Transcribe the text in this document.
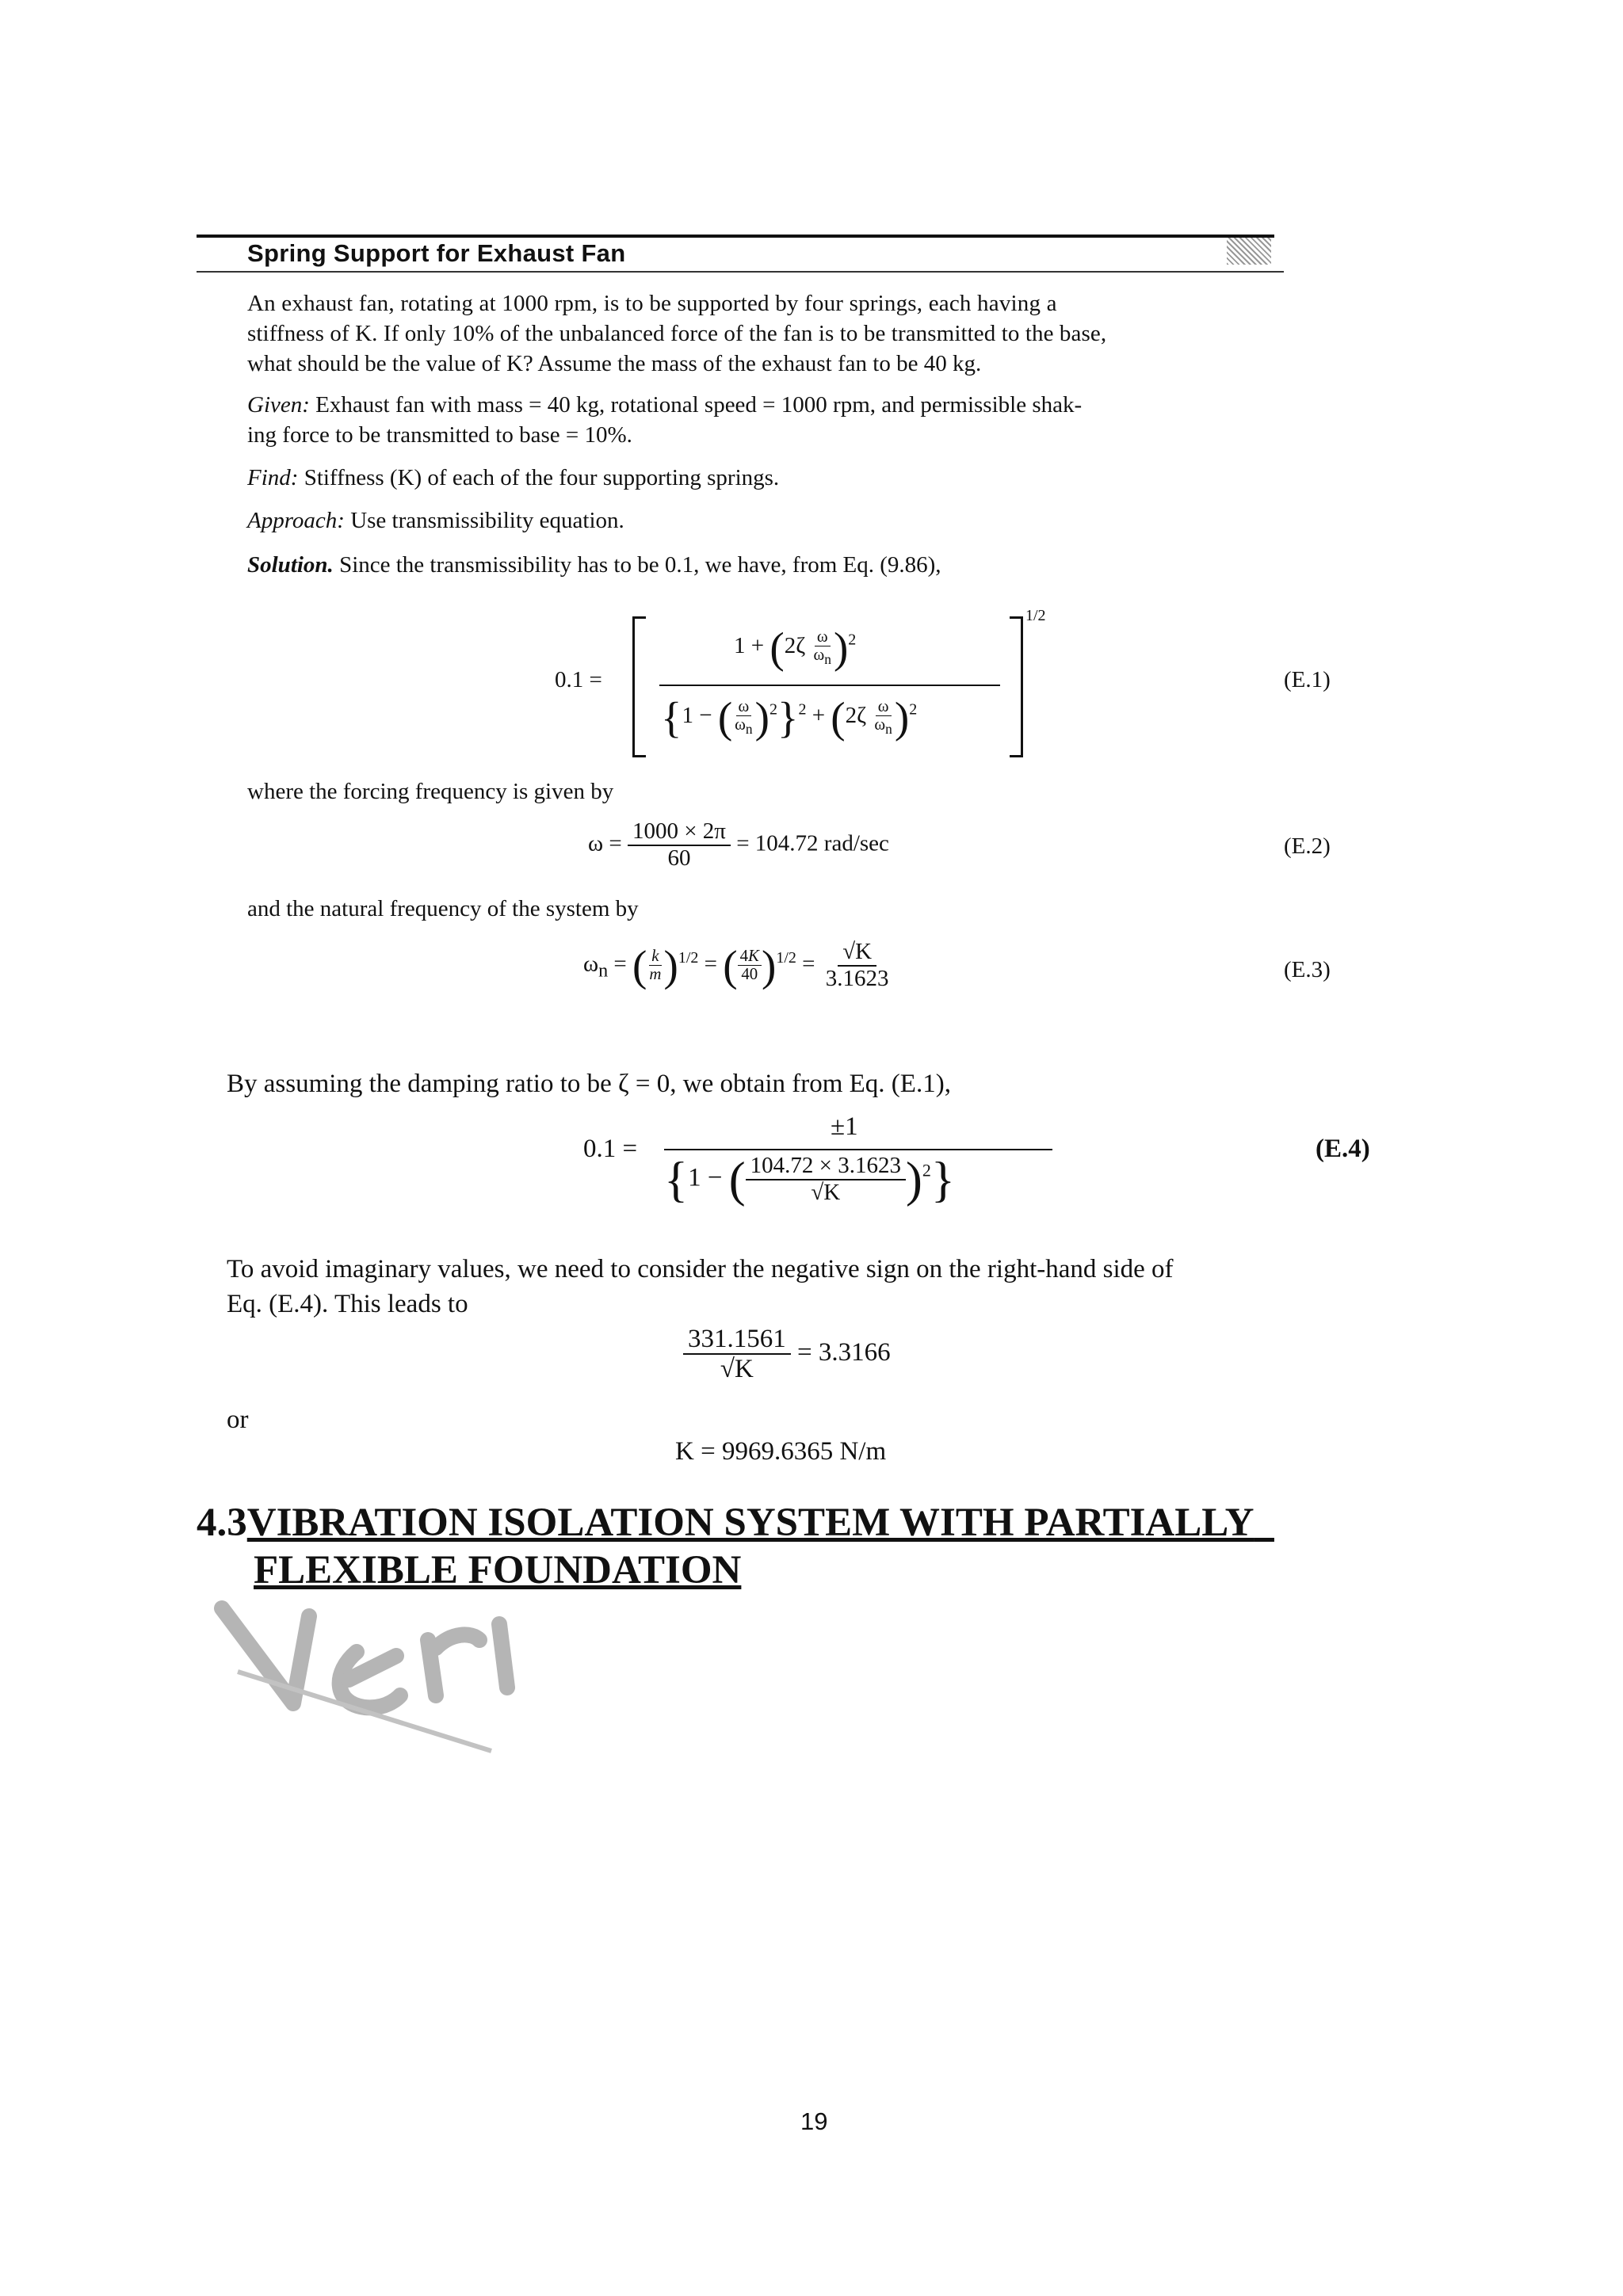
Spring Support for Exhaust Fan
An exhaust fan, rotating at 1000 rpm, is to be supported by four springs, each having a
stiffness of K. If only 10% of the unbalanced force of the fan is to be transmitted to the base,
what should be the value of K? Assume the mass of the exhaust fan to be 40 kg.
Given: Exhaust fan with mass = 40 kg, rotational speed = 1000 rpm, and permissible shak-
ing force to be transmitted to base = 10%.
Find: Stiffness (K) of each of the four supporting springs.
Approach: Use transmissibility equation.
Solution. Since the transmissibility has to be 0.1, we have, from Eq. (9.86),
0.1 =
$1 + (2\zeta \frac{\omega}{\omega_n} )^2$
{1 − ( $\frac{\omega}{\omega_n} )^2\}^2 + (2\zeta \frac{\omega}{\omega_n} )^2$
1/2
(E.1)
where the forcing frequency is given by
$\omega = \frac{1000 \times 2\pi}{60} = 104.72$ rad/sec	(E.2)
and the natural frequency of the system by
$\omega_n$ = ( $\frac{k}{m} )^{1/2}$ = ( $\frac{4K}{40} )^{1/2} = \frac{√K}{3.1623}$	(E.3)
By assuming the damping ratio to be ζ = 0, we obtain from Eq. (E.1),
0.1 =
±1
{1 − ( $\frac{104.72 \times 3.1623}{√K} )^2$}
(E.4)
To avoid imaginary values, we need to consider the negative sign on the right-hand side of
Eq. (E.4). This leads to
$\frac{331.1561}{√K} = 3.3166$
or
K = 9969.6365 N/m
4.3VIBRATION ISOLATION SYSTEM WITH PARTIALLY
FLEXIBLE FOUNDATION
19
